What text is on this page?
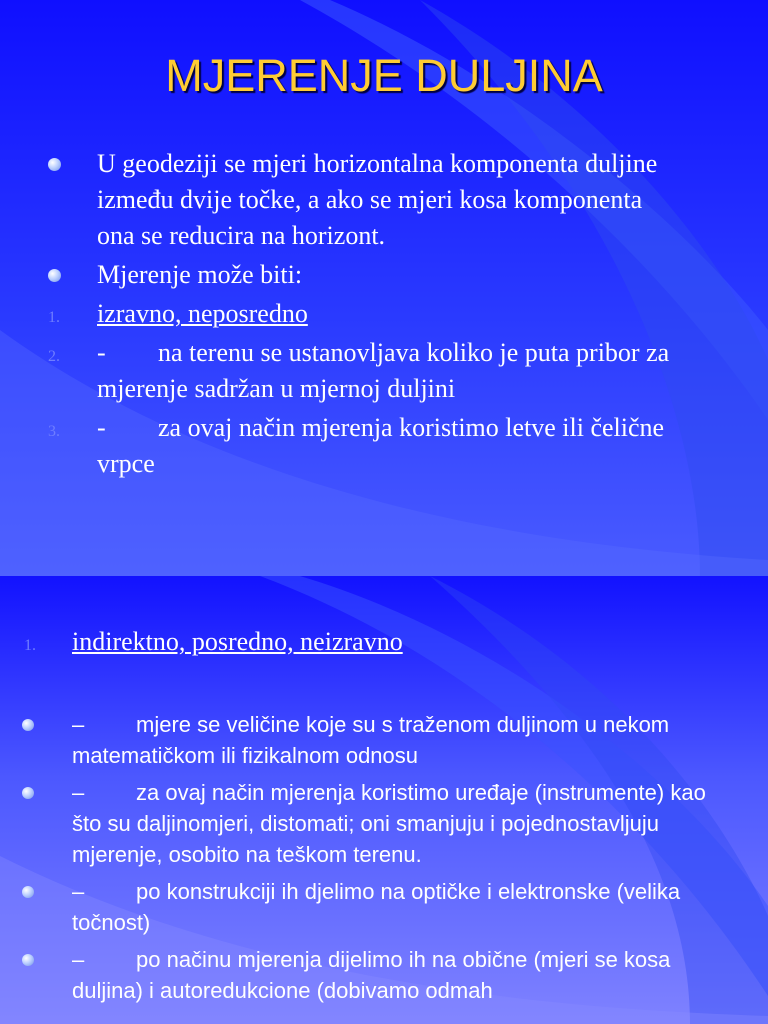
MJERENJE DULJINA
U geodeziji se mjeri horizontalna komponenta duljine između dvije točke, a ako se mjeri kosa komponenta ona se reducira na horizont.
Mjerenje može biti:
1. izravno, neposredno
2. - na terenu se ustanovljava koliko je puta pribor za mjerenje sadržan u mjernoj duljini
3. - za ovaj način mjerenja koristimo letve ili čelične vrpce
1. indirektno, posredno, neizravno
– mjere se veličine koje su s traženom duljinom u nekom matematičkom ili fizikalnom odnosu
– za ovaj način mjerenja koristimo uređaje (instrumente) kao što su daljinomjeri, distomati; oni smanjuju i pojednostavljuju mjerenje, osobito na teškom terenu.
– po konstrukciji ih djelimo na optičke i elektronske (velika točnost)
– po načinu mjerenja dijelimo ih na obične (mjeri se kosa duljina) i autoredukcione (dobivamo odmah
